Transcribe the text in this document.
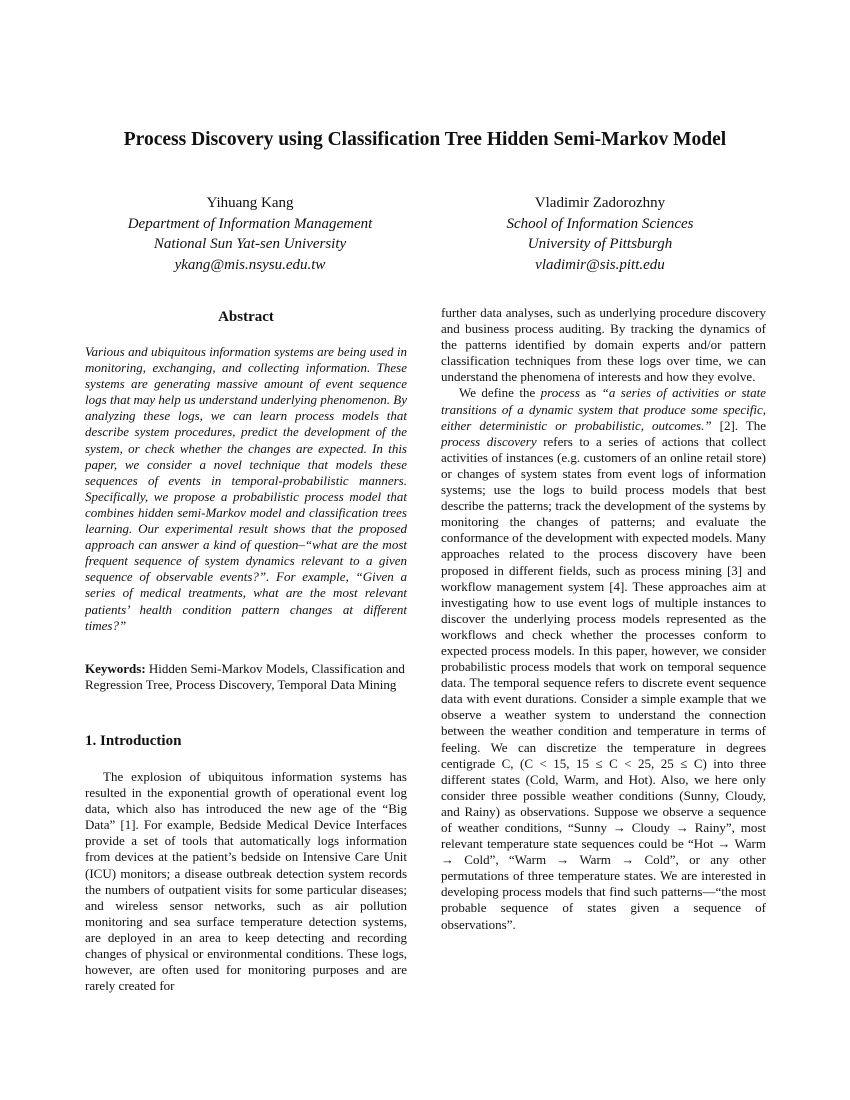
Process Discovery using Classification Tree Hidden Semi-Markov Model
Yihuang Kang
Department of Information Management
National Sun Yat-sen University
ykang@mis.nsysu.edu.tw
Vladimir Zadorozhny
School of Information Sciences
University of Pittsburgh
vladimir@sis.pitt.edu
Abstract

Various and ubiquitous information systems are being used in monitoring, exchanging, and collecting information. These systems are generating massive amount of event sequence logs that may help us understand underlying phenomenon. By analyzing these logs, we can learn process models that describe system procedures, predict the development of the system, or check whether the changes are expected. In this paper, we consider a novel technique that models these sequences of events in temporal-probabilistic manners. Specifically, we propose a probabilistic process model that combines hidden semi-Markov model and classification trees learning. Our experimental result shows that the proposed approach can answer a kind of question–“what are the most frequent sequence of system dynamics relevant to a given sequence of observable events?”. For example, “Given a series of medical treatments, what are the most relevant patients’ health condition pattern changes at different times?”

Keywords: Hidden Semi-Markov Models, Classification and Regression Tree, Process Discovery, Temporal Data Mining

1. Introduction

The explosion of ubiquitous information systems has resulted in the exponential growth of operational event log data, which also has introduced the new age of the “Big Data” [1]. For example, Bedside Medical Device Interfaces provide a set of tools that automatically logs information from devices at the patient’s bedside on Intensive Care Unit (ICU) monitors; a disease outbreak detection system records the numbers of outpatient visits for some particular diseases; and wireless sensor networks, such as air pollution monitoring and sea surface temperature detection systems, are deployed in an area to keep detecting and recording changes of physical or environmental conditions. These logs, however, are often used for monitoring purposes and are rarely created for

further data analyses, such as underlying procedure discovery and business process auditing. By tracking the dynamics of the patterns identified by domain experts and/or pattern classification techniques from these logs over time, we can understand the phenomena of interests and how they evolve.

We define the process as “a series of activities or state transitions of a dynamic system that produce some specific, either deterministic or probabilistic, outcomes.” [2]. The process discovery refers to a series of actions that collect activities of instances (e.g. customers of an online retail store) or changes of system states from event logs of information systems; use the logs to build process models that best describe the patterns; track the development of the systems by monitoring the changes of patterns; and evaluate the conformance of the development with expected models. Many approaches related to the process discovery have been proposed in different fields, such as process mining [3] and workflow management system [4]. These approaches aim at investigating how to use event logs of multiple instances to discover the underlying process models represented as the workflows and check whether the processes conform to expected process models. In this paper, however, we consider probabilistic process models that work on temporal sequence data. The temporal sequence refers to discrete event sequence data with event durations. Consider a simple example that we observe a weather system to understand the connection between the weather condition and temperature in terms of feeling. We can discretize the temperature in degrees centigrade C, (C < 15, 15 ≤ C < 25, 25 ≤ C) into three different states (Cold, Warm, and Hot). Also, we here only consider three possible weather conditions (Sunny, Cloudy, and Rainy) as observations. Suppose we observe a sequence of weather conditions, “Sunny → Cloudy → Rainy”, most relevant temperature state sequences could be “Hot → Warm → Cold”, “Warm → Warm → Cold”, or any other permutations of three temperature states. We are interested in developing process models that find such patterns—“the most probable sequence of states given a sequence of observations”.
